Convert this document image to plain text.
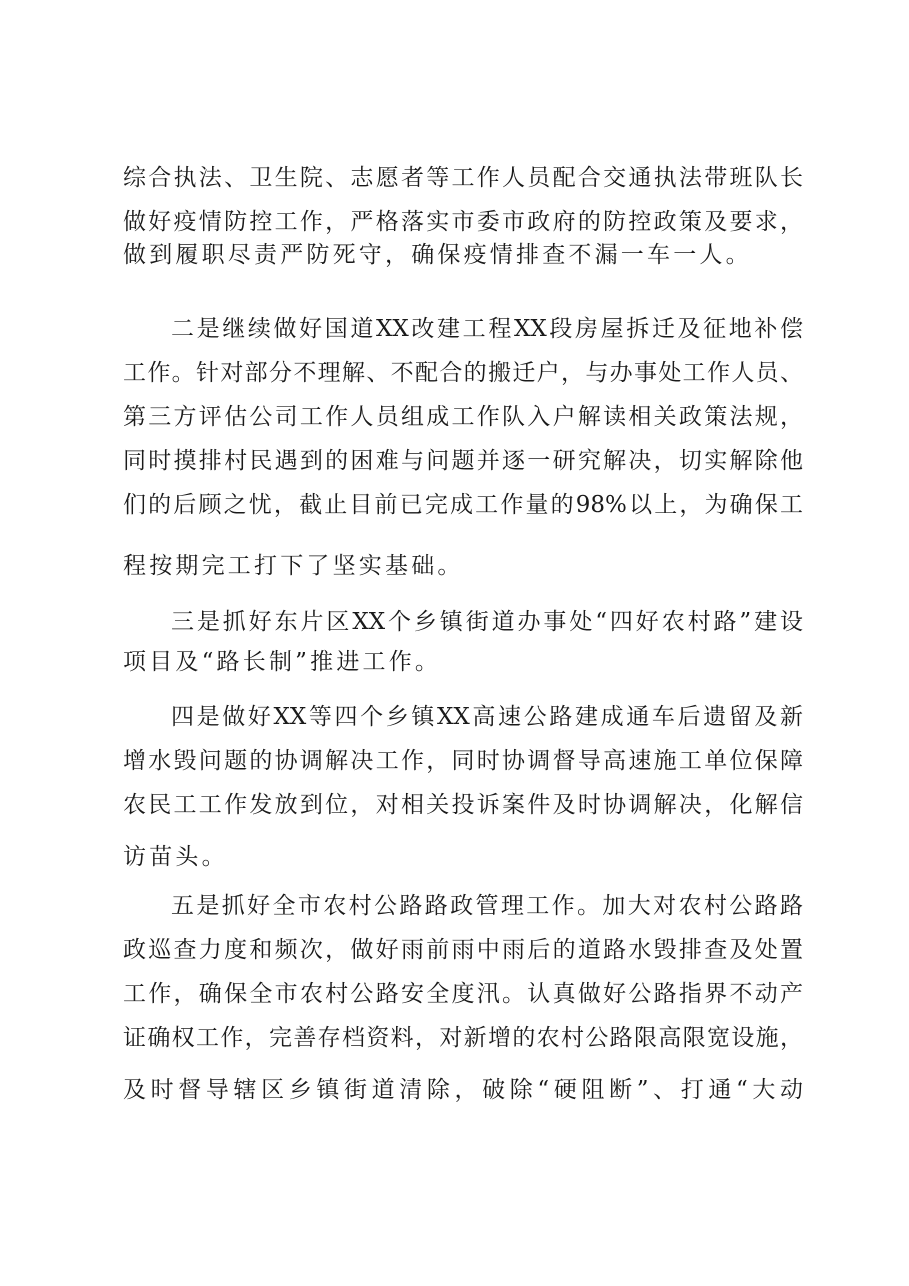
综合执法、卫生院、志愿者等工作人员配合交通执法带班队长
做好疫情防控工作，严格落实市委市政府的防控政策及要求，
做到履职尽责严防死守，确保疫情排查不漏一车一人。
二是继续做好国道XX改建工程XX段房屋拆迁及征地补偿
工作。针对部分不理解、不配合的搬迁户，与办事处工作人员、
第三方评估公司工作人员组成工作队入户解读相关政策法规，
同时摸排村民遇到的困难与问题并逐一研究解决，切实解除他
们的后顾之忧，截止目前已完成工作量的98%以上，为确保工
程按期完工打下了坚实基础。
三是抓好东片区XX个乡镇街道办事处“四好农村路”建设
项目及“路长制”推进工作。
四是做好XX等四个乡镇XX高速公路建成通车后遗留及新
增水毁问题的协调解决工作，同时协调督导高速施工单位保障
农民工工作发放到位，对相关投诉案件及时协调解决，化解信
访苗头。
五是抓好全市农村公路路政管理工作。加大对农村公路路
政巡查力度和频次，做好雨前雨中雨后的道路水毁排查及处置
工作，确保全市农村公路安全度汛。认真做好公路指界不动产
证确权工作，完善存档资料，对新增的农村公路限高限宽设施，
及时督导辖区乡镇街道清除，破除“硬阻断”、打通“大动
